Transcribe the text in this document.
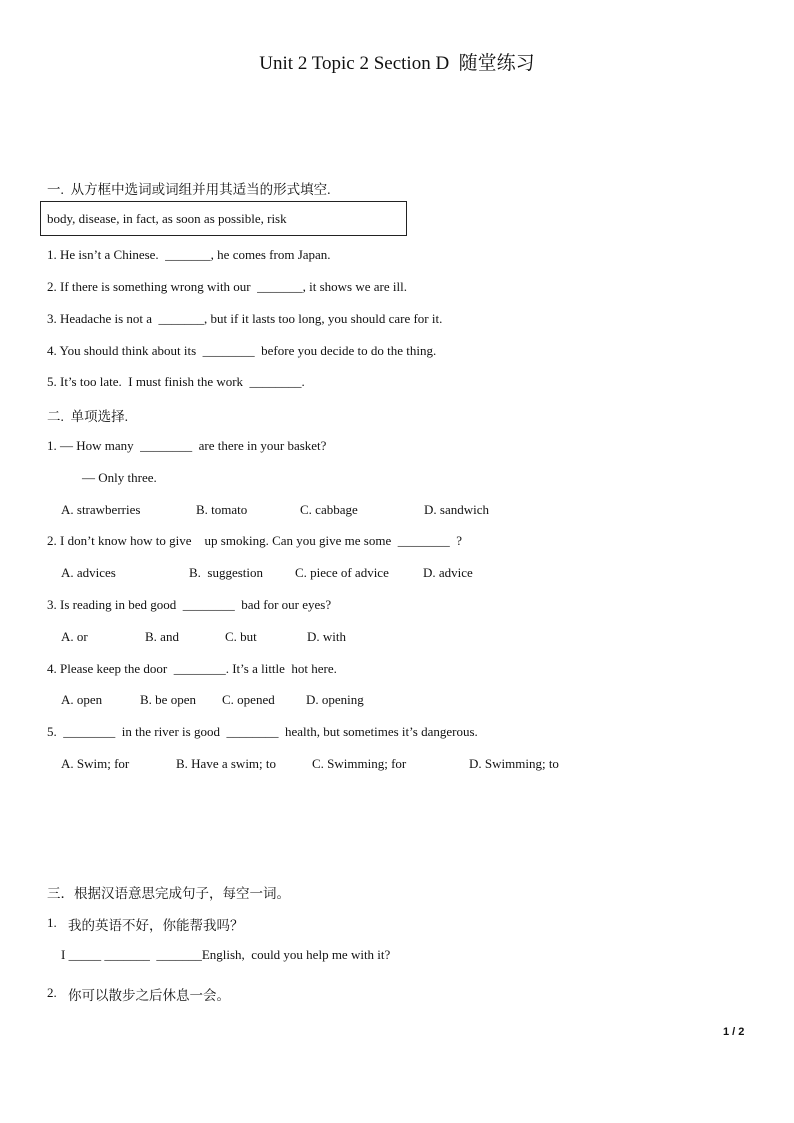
Unit 2 Topic 2 Section D  随堂练习
一.  从方框中选词或词组并用其适当的形式填空.
body, disease, in fact, as soon as possible, risk
1. He isn’t a Chinese.  _______, he comes from Japan.
2. If there is something wrong with our  _______, it shows we are ill.
3. Headache is not a  _______, but if it lasts too long, you should care for it.
4. You should think about its  ________  before you decide to do the thing.
5. It’s too late.  I must finish the work  ________.
二.  单项选择.
1. — How many  ________  are there in your basket?
— Only three.
A. strawberries	B. tomato	C. cabbage	D. sandwich
2. I don’t know how to give    up smoking. Can you give me some  ________  ?
A. advices	B.  suggestion C. piece of advice	D. advice
3. Is reading in bed good  ________  bad for our eyes?
A. or	B. and	C. but	D. with
4. Please keep the door  ________. It’s a little  hot here.
A. open	B. be open C. opened D. opening
5.  ________  in the river is good  ________  health, but sometimes it’s dangerous.
A. Swim; for	B. Have a swim; to	C. Swimming; for	D. Swimming; to
三．根据汉语意思完成句子，每空一词。
1. 我的英语不好，你能帮我吗？
I _____ _______  _______English,  could you help me with it?
2. 你可以散步之后休息一会。
1 / 2
